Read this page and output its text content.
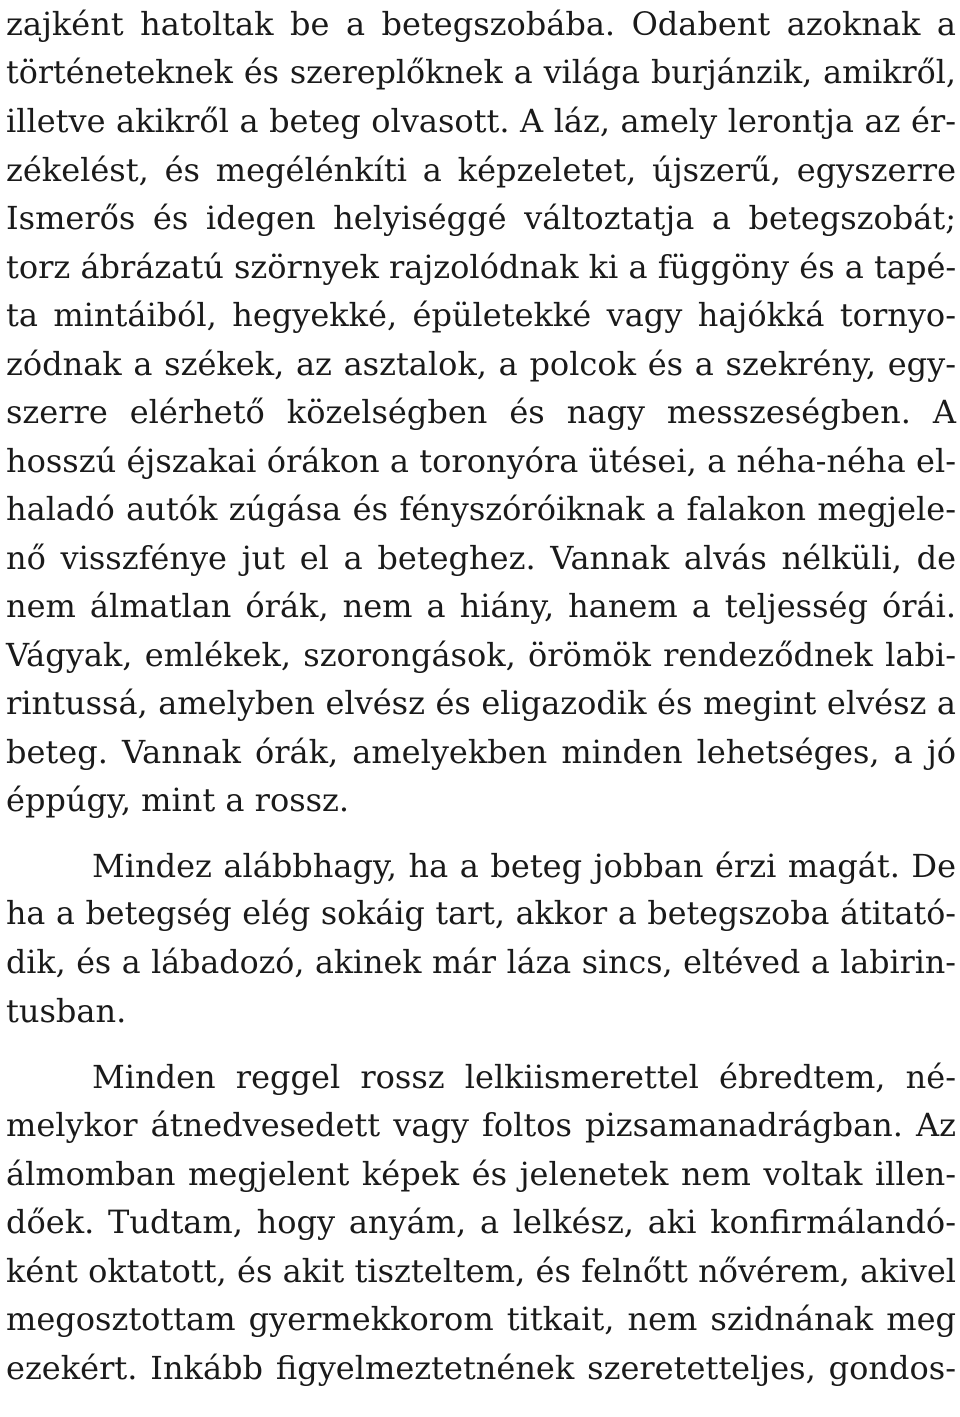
zajként hatoltak be a betegszobába. Odabent azoknak a
történeteknek és szereplőknek a világa burjánzik, amikről,
illetve akikről a beteg olvasott. A láz, amely lerontja az ér-
zékelést, és megélénkíti a képzeletet, újszerű, egyszerre
Ismerős és idegen helyiséggé változtatja a betegszobát;
torz ábrázatú szörnyek rajzolódnak ki a függöny és a tapé-
ta mintáiból, hegyekké, épületekké vagy hajókká tornyo-
zódnak a székek, az asztalok, a polcok és a szekrény, egy-
szerre elérhető közelségben és nagy messzeségben. A
hosszú éjszakai órákon a toronyóra ütései, a néha-néha el-
haladó autók zúgása és fényszóróiknak a falakon megjele-
nő visszfénye jut el a beteghez. Vannak alvás nélküli, de
nem álmatlan órák, nem a hiány, hanem a teljesség órái.
Vágyak, emlékek, szorongások, örömök rendeződnek labi-
rintussá, amelyben elvész és eligazodik és megint elvész a
beteg. Vannak órák, amelyekben minden lehetséges, a jó
éppúgy, mint a rossz.
Mindez alábbhagy, ha a beteg jobban érzi magát. De
ha a betegség elég sokáig tart, akkor a betegszoba átitató-
dik, és a lábadozó, akinek már láza sincs, eltéved a labirin-
tusban.
Minden reggel rossz lelkiismerettel ébredtem, né-
melykor átnedvesedett vagy foltos pizsamanadrágban. Az
álmomban megjelent képek és jelenetek nem voltak illen-
dőek. Tudtam, hogy anyám, a lelkész, aki konfirmálandó-
ként oktatott, és akit tiszteltem, és felnőtt nővérem, akivel
megosztottam gyermekkorom titkait, nem szidnának meg
ezekért. Inkább figyelmeztetnének szeretetteljes, gondos-
